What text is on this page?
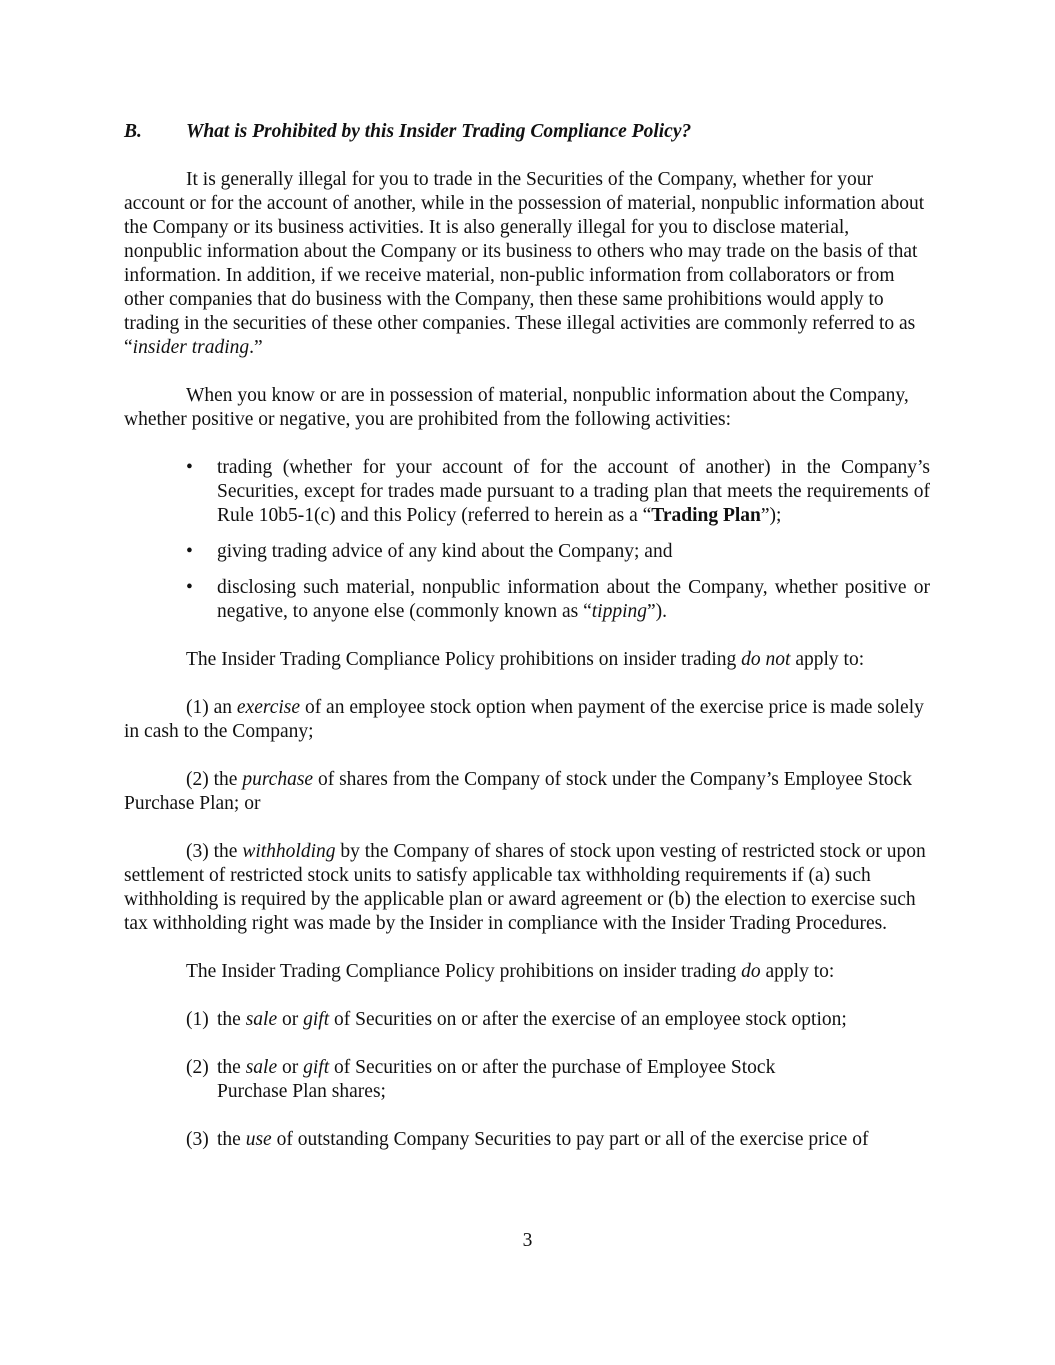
B. What is Prohibited by this Insider Trading Compliance Policy?

It is generally illegal for you to trade in the Securities of the Company, whether for your account or for the account of another, while in the possession of material, nonpublic information about the Company or its business activities. It is also generally illegal for you to disclose material, nonpublic information about the Company or its business to others who may trade on the basis of that information. In addition, if we receive material, non-public information from collaborators or from other companies that do business with the Company, then these same prohibitions would apply to trading in the securities of these other companies. These illegal activities are commonly referred to as “insider trading.”

When you know or are in possession of material, nonpublic information about the Company, whether positive or negative, you are prohibited from the following activities:

• trading (whether for your account of for the account of another) in the Company’s Securities, except for trades made pursuant to a trading plan that meets the requirements of Rule 10b5-1(c) and this Policy (referred to herein as a “Trading Plan”);
• giving trading advice of any kind about the Company; and
• disclosing such material, nonpublic information about the Company, whether positive or negative, to anyone else (commonly known as “tipping”).

The Insider Trading Compliance Policy prohibitions on insider trading do not apply to:

(1) an exercise of an employee stock option when payment of the exercise price is made solely in cash to the Company;

(2) the purchase of shares from the Company of stock under the Company’s Employee Stock Purchase Plan; or

(3) the withholding by the Company of shares of stock upon vesting of restricted stock or upon settlement of restricted stock units to satisfy applicable tax withholding requirements if (a) such withholding is required by the applicable plan or award agreement or (b) the election to exercise such tax withholding right was made by the Insider in compliance with the Insider Trading Procedures.

The Insider Trading Compliance Policy prohibitions on insider trading do apply to:

(1) the sale or gift of Securities on or after the exercise of an employee stock option;
(2) the sale or gift of Securities on or after the purchase of Employee Stock Purchase Plan shares;
(3) the use of outstanding Company Securities to pay part or all of the exercise price of
3
